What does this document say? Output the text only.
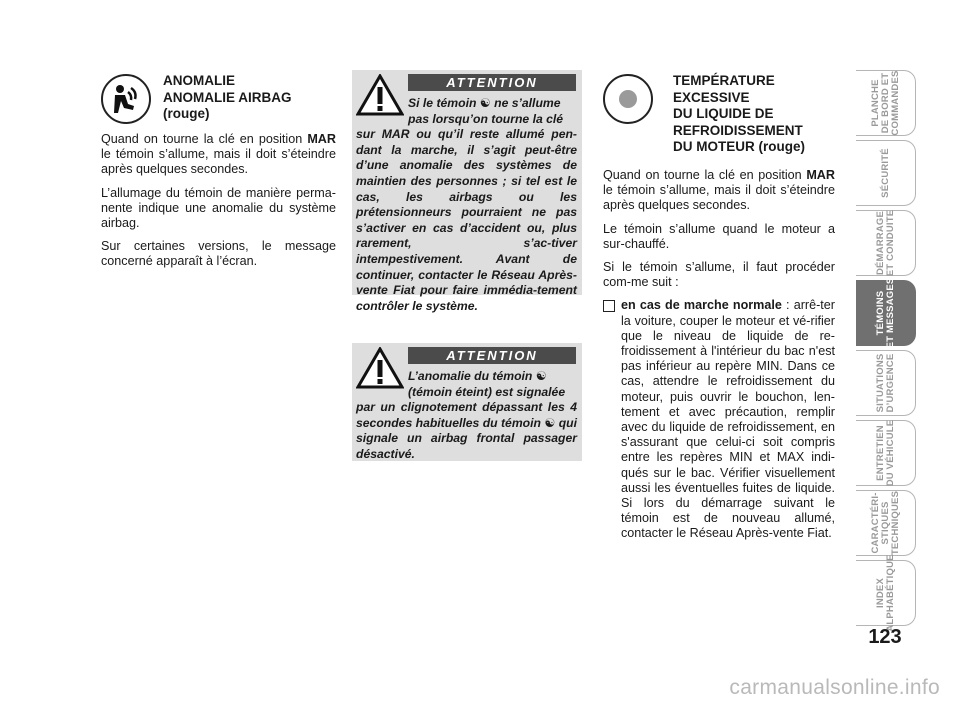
ANOMALIE
ANOMALIE AIRBAG
(rouge)

Quand on tourne la clé en position MAR le témoin s’allume, mais il doit s’éteindre après quelques secondes.

L’allumage du témoin de manière perma-nente indique une anomalie du système airbag.

Sur certaines versions, le message concerné apparaît à l’écran.

ATTENTION
Si le témoin ☯ ne s’allume
pas lorsqu’on tourne la clé
sur MAR ou qu’il reste allumé pen-dant la marche, il s’agit peut-être d’une anomalie des systèmes de maintien des personnes ; si tel est le cas, les airbags ou les prétensionneurs pourraient ne pas s’activer en cas d’accident ou, plus rarement, s’ac-tiver intempestivement. Avant de continuer, contacter le Réseau Après-vente Fiat pour faire immédia-tement contrôler le système.
ATTENTION
L’anomalie du témoin ☯
(témoin éteint) est signalée
par un clignotement dépassant les 4 secondes habituelles du témoin ☯ qui signale un airbag frontal passager désactivé.
TEMPÉRATURE
EXCESSIVE
DU LIQUIDE DE
REFROIDISSEMENT
DU MOTEUR (rouge)

Quand on tourne la clé en position MAR le témoin s’allume, mais il doit s’éteindre après quelques secondes.

Le témoin s’allume quand le moteur a sur-chauffé.

Si le témoin s’allume, il faut procéder com-me suit :

en cas de marche normale : arrê-ter la voiture, couper le moteur et vé-rifier que le niveau de liquide de re-froidissement à l'intérieur du bac n'est pas inférieur au repère MIN. Dans ce cas, attendre le refroidissement du moteur, puis ouvrir le bouchon, len-tement et avec précaution, remplir avec du liquide de refroidissement, en s'assurant que celui-ci soit compris entre les repères MIN et MAX indi-qués sur le bac. Vérifier visuellement aussi les éventuelles fuites de liquide. Si lors du démarrage suivant le témoin est de nouveau allumé, contacter le Réseau Après-vente Fiat.
PLANCHE
DE BORD ET
COMMANDES
SÉCURITÉ
DÉMARRAGE
ET CONDUITE
TÉMOINS
ET MESSAGES
SITUATIONS
D’URGENCE
ENTRETIEN
DU VÉHICULE
CARACTÉRI-
STIQUES
TECHNIQUES
INDEX
ALPHABÉTIQUE
123
carmanualsonline.info
